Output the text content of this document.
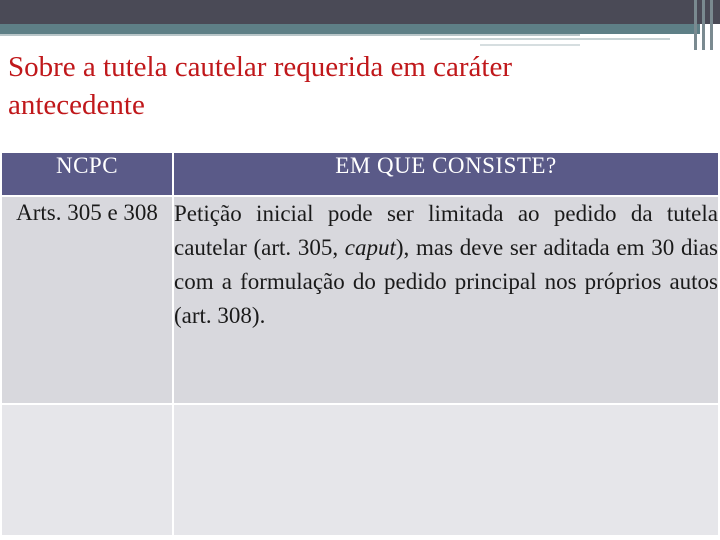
Sobre a tutela cautelar requerida em caráter antecedente
NCPC	EM QUE CONSISTE?
Arts. 305 e 308	Petição inicial pode ser limitada ao pedido da tutela cautelar (art. 305, caput), mas deve ser aditada em 30 dias com a formulação do pedido principal nos próprios autos (art. 308).
